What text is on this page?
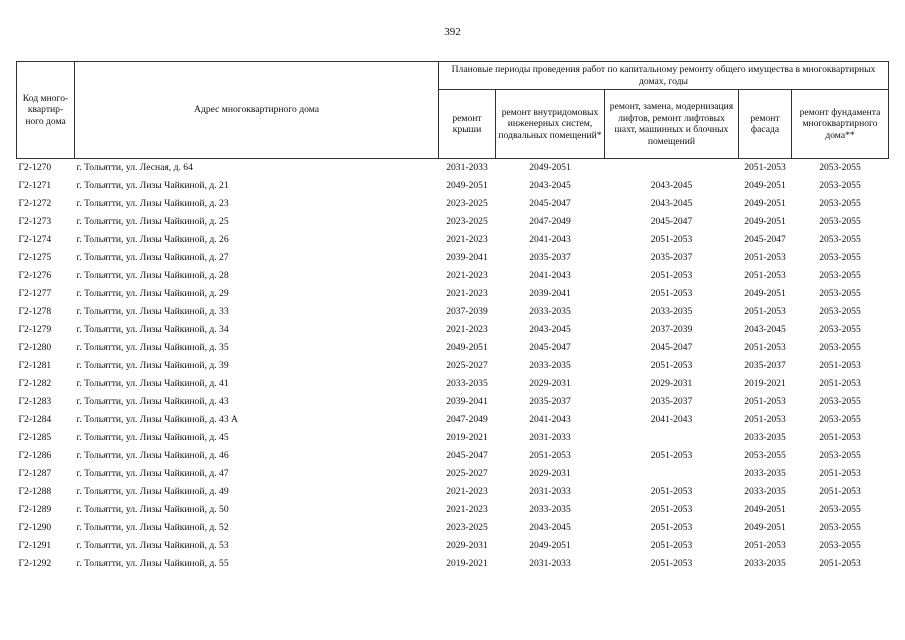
392
Код много-квартир-ного дома	Адрес многоквартирного дома	Плановые периоды проведения работ по капитальному ремонту общего имущества в многоквартирных домах, годы				
		ремонт крыши	ремонт внутридомовых инженерных систем, подвальных помещений*	ремонт, замена, модернизация лифтов, ремонт лифтовых шахт, машинных и блочных помещений	ремонт фасада	ремонт фундамента многоквартирного дома**
Г2-1270	г. Тольятти, ул. Лесная, д. 64	2031-2033	2049-2051		2051-2053	2053-2055
Г2-1271	г. Тольятти, ул. Лизы Чайкиной, д. 21	2049-2051	2043-2045	2043-2045	2049-2051	2053-2055
Г2-1272	г. Тольятти, ул. Лизы Чайкиной, д. 23	2023-2025	2045-2047	2043-2045	2049-2051	2053-2055
Г2-1273	г. Тольятти, ул. Лизы Чайкиной, д. 25	2023-2025	2047-2049	2045-2047	2049-2051	2053-2055
Г2-1274	г. Тольятти, ул. Лизы Чайкиной, д. 26	2021-2023	2041-2043	2051-2053	2045-2047	2053-2055
Г2-1275	г. Тольятти, ул. Лизы Чайкиной, д. 27	2039-2041	2035-2037	2035-2037	2051-2053	2053-2055
Г2-1276	г. Тольятти, ул. Лизы Чайкиной, д. 28	2021-2023	2041-2043	2051-2053	2051-2053	2053-2055
Г2-1277	г. Тольятти, ул. Лизы Чайкиной, д. 29	2021-2023	2039-2041	2051-2053	2049-2051	2053-2055
Г2-1278	г. Тольятти, ул. Лизы Чайкиной, д. 33	2037-2039	2033-2035	2033-2035	2051-2053	2053-2055
Г2-1279	г. Тольятти, ул. Лизы Чайкиной, д. 34	2021-2023	2043-2045	2037-2039	2043-2045	2053-2055
Г2-1280	г. Тольятти, ул. Лизы Чайкиной, д. 35	2049-2051	2045-2047	2045-2047	2051-2053	2053-2055
Г2-1281	г. Тольятти, ул. Лизы Чайкиной, д. 39	2025-2027	2033-2035	2051-2053	2035-2037	2051-2053
Г2-1282	г. Тольятти, ул. Лизы Чайкиной, д. 41	2033-2035	2029-2031	2029-2031	2019-2021	2051-2053
Г2-1283	г. Тольятти, ул. Лизы Чайкиной, д. 43	2039-2041	2035-2037	2035-2037	2051-2053	2053-2055
Г2-1284	г. Тольятти, ул. Лизы Чайкиной, д. 43 А	2047-2049	2041-2043	2041-2043	2051-2053	2053-2055
Г2-1285	г. Тольятти, ул. Лизы Чайкиной, д. 45	2019-2021	2031-2033		2033-2035	2051-2053
Г2-1286	г. Тольятти, ул. Лизы Чайкиной, д. 46	2045-2047	2051-2053	2051-2053	2053-2055	2053-2055
Г2-1287	г. Тольятти, ул. Лизы Чайкиной, д. 47	2025-2027	2029-2031		2033-2035	2051-2053
Г2-1288	г. Тольятти, ул. Лизы Чайкиной, д. 49	2021-2023	2031-2033	2051-2053	2033-2035	2051-2053
Г2-1289	г. Тольятти, ул. Лизы Чайкиной, д. 50	2021-2023	2033-2035	2051-2053	2049-2051	2053-2055
Г2-1290	г. Тольятти, ул. Лизы Чайкиной, д. 52	2023-2025	2043-2045	2051-2053	2049-2051	2053-2055
Г2-1291	г. Тольятти, ул. Лизы Чайкиной, д. 53	2029-2031	2049-2051	2051-2053	2051-2053	2053-2055
Г2-1292	г. Тольятти, ул. Лизы Чайкиной, д. 55	2019-2021	2031-2033	2051-2053	2033-2035	2051-2053
